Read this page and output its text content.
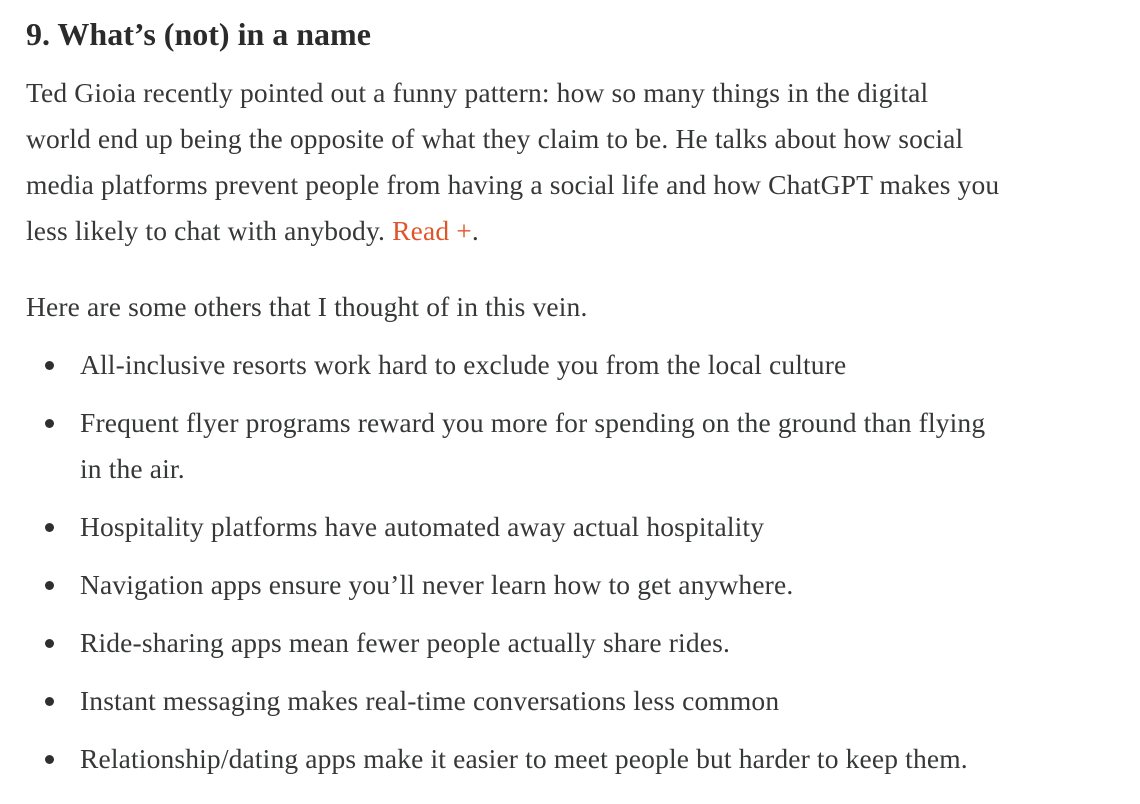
9. What’s (not) in a name

Ted Gioia recently pointed out a funny pattern: how so many things in the digital
world end up being the opposite of what they claim to be. He talks about how social
media platforms prevent people from having a social life and how ChatGPT makes you
less likely to chat with anybody. Read +.

Here are some others that I thought of in this vein.

All-inclusive resorts work hard to exclude you from the local culture
Frequent flyer programs reward you more for spending on the ground than flying
in the air.
Hospitality platforms have automated away actual hospitality
Navigation apps ensure you’ll never learn how to get anywhere.
Ride-sharing apps mean fewer people actually share rides.
Instant messaging makes real-time conversations less common
Relationship/dating apps make it easier to meet people but harder to keep them.
